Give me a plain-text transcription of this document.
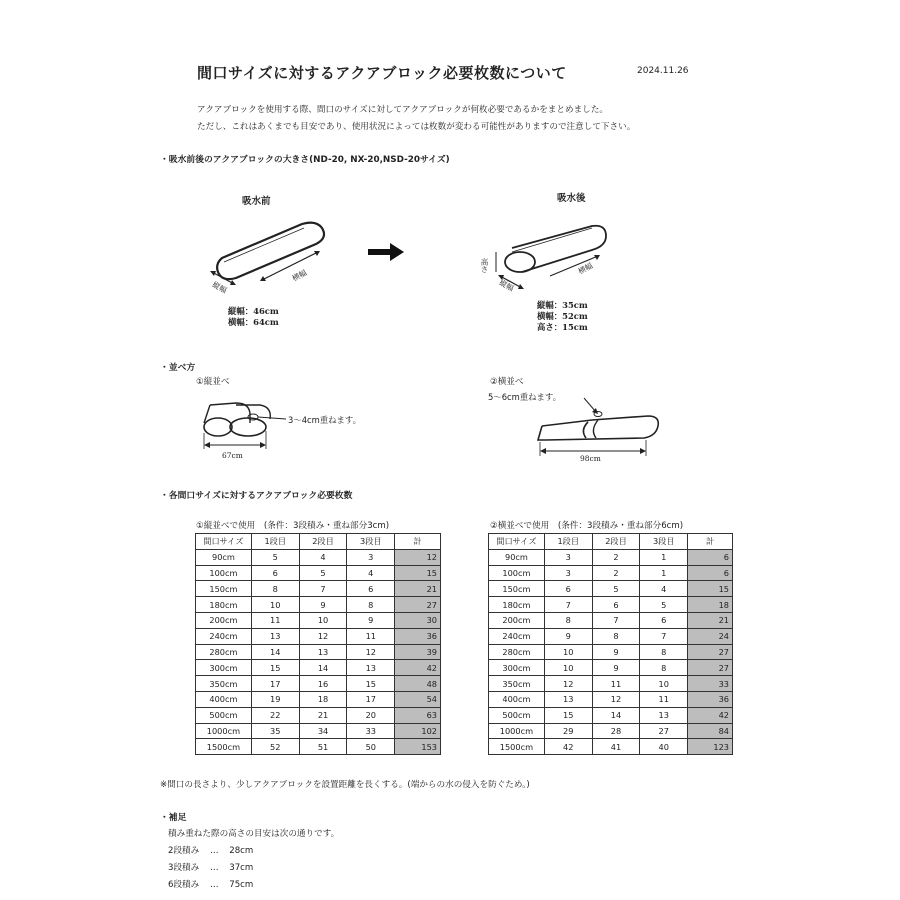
間口サイズに対するアクアブロック必要枚数について	2024.11.26
アクアブロックを使用する際、間口のサイズに対してアクアブロックが何枚必要であるかをまとめました。
ただし、これはあくまでも目安であり、使用状況によっては枚数が変わる可能性がありますので注意して下さい。
・吸水前後のアクアブロックの大きさ(ND-20, NX-20,NSD-20サイズ)
吸水前	吸水後
縦幅
横幅
縦幅：46cm
横幅：64cm
高さ
縦幅
横幅
縦幅：35cm
横幅：52cm
高さ：15cm
・並べ方
①縦並べ	②横並べ
3～4cm重ねます。
67cm
5～6cm重ねます。
98cm
・各間口サイズに対するアクアブロック必要枚数
①縦並べで使用　(条件：3段積み・重ね部分3cm)	②横並べで使用　(条件：3段積み・重ね部分6cm)
間口サイズ	1段目	2段目	3段目	計
90cm	5	4	3	12
100cm	6	5	4	15
150cm	8	7	6	21
180cm	10	9	8	27
200cm	11	10	9	30
240cm	13	12	11	36
280cm	14	13	12	39
300cm	15	14	13	42
350cm	17	16	15	48
400cm	19	18	17	54
500cm	22	21	20	63
1000cm	35	34	33	102
1500cm	52	51	50	153
間口サイズ	1段目	2段目	3段目	計
90cm	3	2	1	6
100cm	3	2	1	6
150cm	6	5	4	15
180cm	7	6	5	18
200cm	8	7	6	21
240cm	9	8	7	24
280cm	10	9	8	27
300cm	10	9	8	27
350cm	12	11	10	33
400cm	13	12	11	36
500cm	15	14	13	42
1000cm	29	28	27	84
1500cm	42	41	40	123
※間口の長さより、少しアクアブロックを設置距離を長くする。(端からの水の侵入を防ぐため。)
・補足
積み重ねた際の高さの目安は次の通りです。
2段積み … 28cm
3段積み … 37cm
6段積み … 75cm
